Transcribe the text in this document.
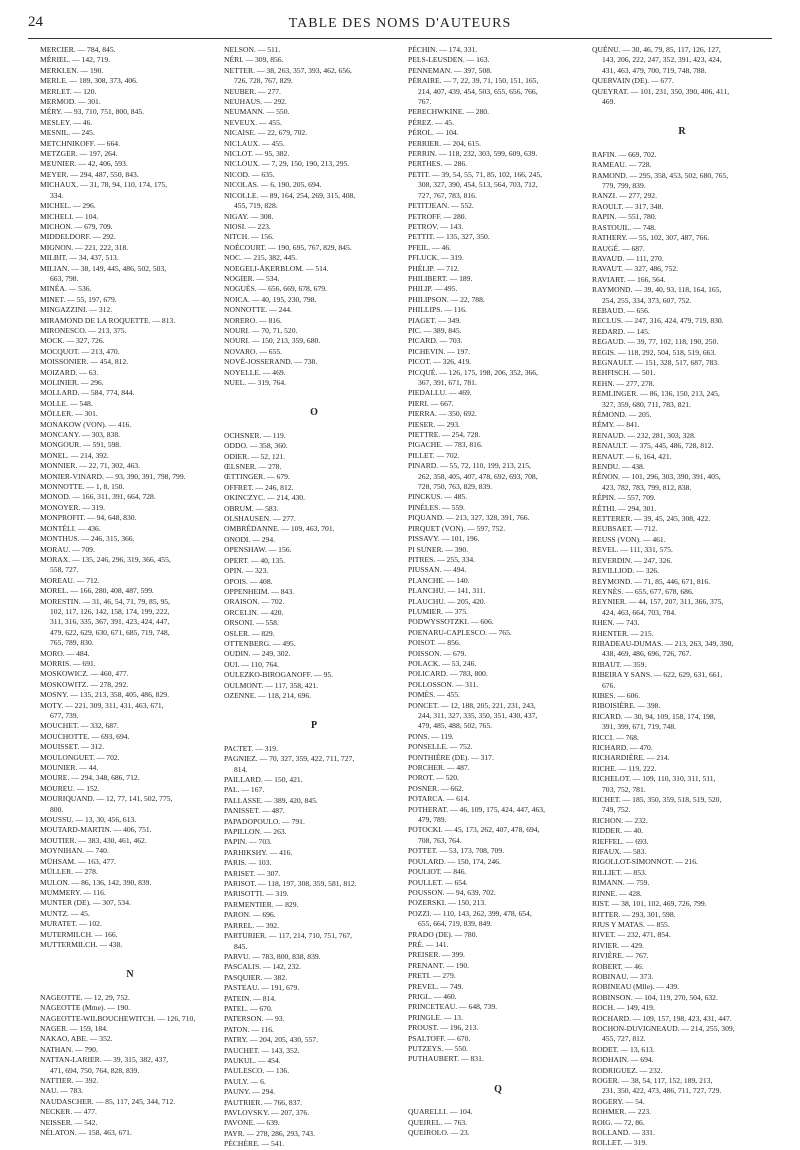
24	TABLE DES NOMS D'AUTEURS
MERCIER. — 784, 845.
MÉRIEL. — 142, 719.
MERKLEN. — 190.
MERLE. — 189, 308, 373, 406.
MERLET. — 120.
MERMOD. — 301.
MÉRY. — 93, 710, 751, 800, 845.
MESLEY. — 46.
MESNIL. — 245.
METCHNIKOFF. — 664.
METZGER. — 197, 264.
MEUNIER. — 42, 406, 593.
MEYER. — 294, 487, 550, 843.
MICHAUX. — 31, 78, 94, 110, 174, 175,
334.
MICHEL. — 296.
MICHELI. — 104.
MICHON. — 679, 709.
MIDDELDORF. — 292.
MIGNON. — 221, 222, 318.
MILBIT. — 34, 437, 513.
MILIAN. — 38, 149, 445, 486, 502, 503,
663, 798.
MINÉA. — 536.
MINET. — 55, 197, 679.
MINGAZZINI. — 312.
MIRAMOND DE LA ROQUETTE. — 813.
MIRONESCO. — 213, 375.
MOCK. — 327, 726.
MOCQUOT. — 213, 470.
MOISSONIER. — 454, 812.
MOIZARD. — 63.
MOLINIER. — 296.
MOLLARD. — 584, 774, 844.
MOLLE. — 548.
MÖLLER. — 301.
MONAKOW (VON). — 416.
MONCANY. — 303, 838.
MONGOUR. — 591, 598.
MONEL. — 214, 392.
MONNIER. — 22, 71, 302, 463.
MONIER-VINARD. — 93, 390, 391, 798, 799.
MONNOTTE. — 1, 8, 150.
MONOD. — 166, 311, 391, 664, 728.
MONOYER. — 319.
MONPROFIT. — 94, 648, 830.
MONTÉLI. — 436.
MONTHUS. — 246, 315, 366.
MORAU. — 709.
MORAX. — 135, 246, 296, 319, 366, 455,
558, 727.
MOREAU. — 712.
MOREL. — 166, 280, 408, 487, 599.
MORESTIN. — 31, 46, 54, 71, 79, 85, 95,
102, 117, 126, 142, 158, 174, 199, 222,
311, 316, 335, 367, 391, 423, 424, 447,
479, 622, 629, 630, 671, 685, 719, 748,
765, 789, 830.
MORO. — 484.
MORRIS. — 691.
MOSKOWICZ. — 460, 477.
MOSKOWITZ. — 278, 292.
MOSNY. — 135, 213, 358, 405, 486, 829.
MOTY. — 221, 309, 311, 431, 463, 671,
677, 739.
MOUCHET. — 332, 687.
MOUCHOTTE. — 693, 694.
MOUISSET. — 312.
MOULONGUET. — 702.
MOUNIER. — 44.
MOURE. — 294, 348, 686, 712.
MOUREU. — 152.
MOURIQUAND. — 12, 77, 141, 502, 775,
800.
MOUSSU. — 13, 30, 456, 613.
MOUTARD-MARTIN. — 406, 751.
MOUTIER. — 383, 430, 461, 462.
MOYNIHAN. — 740.
MÜHSAM. — 163, 477.
MÜLLER. — 278.
MULON. — 86, 136, 142, 390, 839.
MUMMERY. — 116.
MUNTER (DE). — 307, 534.
MUNTZ. — 45.
MURATET. — 102.
MUTERMILCH. — 166.
MUTTERMILCH. — 438.
N
NAGEOTTE. — 12, 29, 752.
NAGEOTTE (Mme). — 190.
NAGEOTTE-WILBOUCHEWITCH. — 126, 710,
NAGER. — 159, 184.
NAKAO, ABE. — 352.
NATHAN. — 790.
NATTAN-LARIER. — 39, 315, 382, 437,
471, 694, 750, 764, 828, 839.
NATTIER. — 392.
NAU. — 783.
NAUDASCHER. — 85, 117, 245, 344, 712.
NECKER. — 477.
NEISSER. — 542.
NÉLATON. — 158, 463, 671.
NELSON. — 511.
NÉRI. — 309, 856.
NETTER. — 38, 263, 357, 393, 462, 656,
726, 728, 767, 829.
NEUBER. — 277.
NEUHAUS. — 292.
NEUMANN. — 550.
NEVEUX. — 455.
NICAISE. — 22, 679, 702.
NICLAUX. — 455.
NICLOT. — 95, 382.
NICLOUX. — 7, 29, 150, 190, 213, 295.
NICOD. — 635.
NICOLAS. — 6, 190, 205, 694.
NICOLLE. — 89, 164, 254, 269, 315, 408,
455, 719, 828.
NIGAY. — 308.
NIOSI. — 223.
NITCH. — 156.
NOÉCOURT. — 190, 695, 767, 829, 845.
NOC. — 215, 382, 445.
NOEGELI-ÅKERBLOM. — 514.
NOGIER. — 534.
NOGUÈS. — 656, 669, 678, 679.
NOICA. — 40, 195, 230, 798.
NONNOTTE. — 244.
NORERO. — 816.
NOURI. — 70, 71, 520.
NOURI. — 150, 213, 359, 680.
NOVARO. — 655.
NOVÉ-JOSSERAND. — 738.
NOYELLE. — 469.
NUEL. — 319, 764.
O
OCHSNER. — 119.
ODDO. — 358, 360.
ODIER. — 52, 121.
ŒLSNER. — 278.
ŒTTINGER. — 679.
OFFRET. — 246, 812.
OKINCZYC. — 214, 430.
OBRUM. — 583.
OLSHAUSEN. — 277.
OMBRÉDANNE. — 109, 463, 701.
ONODI. — 294.
OPENSHAW. — 156.
OPERT. — 40, 135.
OPIN. — 323.
OPOIS. — 408.
OPPENHEIM. — 843.
ORAISON. — 702.
ORCELIN. — 420.
ORSONI. — 558.
OSLER. — 829.
OTTENBERG. — 495.
OUDIN. — 249, 302.
OUI. — 110, 764.
OULEZKO-BIROGANOFF. — 95.
OULMONT. — 117, 358, 421.
OZENNE. — 118, 214, 696.
P
PACTET. — 319.
PAGNIEZ. — 70, 327, 359, 422, 711, 727,
814.
PAILLARD. — 150, 421.
PAL. — 167.
PALLASSE. — 389, 420, 845.
PANISSET. — 487.
PAPADOPOULO. — 791.
PAPILLON. — 263.
PAPIN. — 703.
PARHIKSHY. — 416.
PARIS. — 103.
PARISET. — 307.
PARISOT. — 118, 197, 308, 359, 581, 812.
PARISOTTI. — 319.
PARMENTIER. — 829.
PARON. — 696.
PARREL. — 392.
PARTURIER. — 117, 214, 710, 751, 767,
845.
PARVU. — 783, 800, 838, 839.
PASCALIS. — 142, 232.
PASQUIER. — 382.
PASTEAU. — 191, 679.
PATEIN. — 814.
PATEL. — 670.
PATERSON. — 93.
PATON. — 116.
PATRY. — 204, 205, 430, 557.
PAUCHET. — 143, 352.
PAUKUL. — 454.
PAULESCO. — 136.
PAULY. — 6.
PAUNY. — 294.
PAUTRIER. — 766, 837.
PAVLOVSKY. — 207, 376.
PAVONE. — 639.
PAYR. — 278, 286, 293, 743.
PÉCHÈRE. — 541.
PÉCHIN. — 174, 331.
PELS-LEUSDEN. — 163.
PENNEMAN. — 397, 508.
PÉRAIRE. — 7, 22, 39, 71, 150, 151, 165,
214, 407, 439, 454, 503, 655, 656, 766,
767.
PERECHWKINE. — 280.
PÉREZ. — 45.
PÉROL. — 104.
PERRIER. — 204, 615.
PERRIN. — 118, 232, 303, 599, 609, 639.
PERTHES. — 286.
PETIT. — 39, 54, 55, 71, 85, 102, 166, 245,
308, 327, 390, 454, 513, 564, 703, 712,
727, 767, 783, 816.
PETITJEAN. — 552.
PETROFF. — 280.
PETROV. — 143.
PETTIT. — 135, 327, 350.
PFEIL. — 46.
PFLUCK. — 319.
PHÉLIP. — 712.
PHILIBERT. — 189.
PHILIP. — 495.
PHILIPSON. — 22, 788.
PHILLIPS. — 116.
PIAGET. — 349.
PIC. — 389, 845.
PICARD. — 703.
PICHEVIN. — 197.
PICOT. — 326, 419.
PICQUÉ. — 126, 175, 198, 206, 352, 366,
367, 391, 671, 781.
PIEDALLU. — 469.
PIERI. — 667.
PIERRA. — 350, 692.
PIESER. — 293.
PIETTRE. — 254, 728.
PIGACHE. — 783, 816.
PILLET. — 702.
PINARD. — 55, 72, 110, 199, 213, 215,
262, 358, 405, 407, 478, 692, 693, 708,
728, 750, 763, 829, 839.
PINCKUS. — 485.
PINÉLES. — 559.
PIQUAND. — 213, 327, 328, 391, 766.
PIRQUET (VON). — 597, 752.
PISSAVY. — 101, 196.
PI SUNER. — 390.
PITRES. — 255, 334.
PIUSSAN. — 494.
PLANCHE. — 140.
PLANCHU. — 141, 311.
PLAUCHU. — 205, 420.
PLUMIER. — 375.
PODWYSSOTZKI. — 606.
POENARU-CAPLESCO. — 765.
POISOT. — 856.
POISSON. — 679.
POLACK. — 53, 246.
POLICARD. — 783, 800.
POLLOSSON. — 311.
POMÈS. — 455.
PONCET. — 12, 188, 205, 221, 231, 243,
244, 311, 327, 335, 350, 351, 430, 437,
479, 485, 488, 502, 765.
PONS. — 119.
PONSELLE. — 752.
PONTHIÈRE (DE). — 317.
PORCHER. — 487.
POROT. — 520.
POSNER. — 662.
POTARCA. — 614.
POTHERAT. — 46, 109, 175, 424, 447, 463,
479, 789.
POTOCKI. — 45, 173, 262, 407, 478, 694,
708, 763, 764.
POTTET. — 53, 173, 708, 709.
POULARD. — 150, 174, 246.
POULIOT. — 846.
POULLET. — 654.
POUSSON. — 94, 639, 702.
POZERSKI. — 150, 213.
POZZI. — 110, 143, 262, 399, 478, 654,
655, 664, 719, 839, 849.
PRADO (DE). — 780.
PRÉ. — 141.
PREISER. — 399.
PRENANT. — 190.
PRETI. — 279.
PREVEL. — 749.
PRIGL. — 460.
PRINCETEAU. — 648, 739.
PRINGLE. — 13.
PROUST. — 196, 213.
PSALTOFF. — 670.
PUTZEYS. — 550.
PUTHAUBERT. — 831.
Q
QUARELLI. — 104.
QUEIREL. — 763.
QUEIROLO. — 23.
QUÉNU. — 30, 46, 79, 85, 117, 126, 127,
143, 206, 222, 247, 352, 391, 423, 424,
431, 463, 479, 700, 719, 748, 788.
QUERVAIN (DE). — 677.
QUEYRAT. — 101, 231, 350, 390, 406, 411,
469.
R
RAFIN. — 669, 702.
RAMEAU. — 728.
RAMOND. — 295, 358, 453, 502, 680, 765,
779, 799, 839.
RANZI. — 277, 292.
RAOULT. — 317, 348.
RAPIN. — 551, 780.
RASTOUIL. — 748.
RATHERY. — 55, 102, 307, 487, 766.
RAUGÉ. — 687.
RAVAUD. — 111, 270.
RAVAUT. — 327, 486, 752.
RAVIART. — 166, 564.
RAYMOND. — 39, 40, 93, 118, 164, 165,
254, 255, 334, 373, 607, 752.
REBAUD. — 656.
RECLUS. — 247, 316, 424, 479, 719, 830.
REDARD. — 145.
REGAUD. — 39, 77, 102, 118, 190, 250.
REGIS. — 118, 292, 504, 518, 519, 663.
REGNAULT. — 151, 328, 517, 687, 783.
REHFISCH. — 501.
REHN. — 277, 278.
REMLINGER. — 86, 136, 150, 213, 245,
327, 359, 680, 711, 783, 821.
RÉMOND. — 205.
RÉMY. — 841.
RENAUD. — 232, 281, 303, 328.
RENAULT. — 375, 445, 486, 728, 812.
RENAUT. — 6, 164, 421.
RENDU. — 438.
RÉNON. — 101, 296, 303, 390, 391, 405,
423, 782, 783, 799, 812, 838.
RÉPIN. — 557, 709.
RÉTHI. — 294, 301.
RETTERER. — 39, 45, 245, 308, 422.
REUBSAET. — 712.
REUSS (VON). — 461.
REVEL. — 111, 331, 575.
REVERDIN. — 247, 326.
REVILLIOD. — 326.
REYMOND. — 71, 85, 446, 671, 816.
REYNÈS. — 655, 677, 678, 686.
REYNIER. — 44, 157, 207, 311, 366, 375,
424, 463, 664, 703, 784.
RHEN. — 743.
RHENTER. — 215.
RIBADEAU-DUMAS. — 213, 263, 349, 390,
438, 469, 486, 696, 726, 767.
RIBAUT. — 359.
RIBEIRA Y SANS. — 622, 629, 631, 661,
676.
RIBES. — 606.
RIBOISIÈRE. — 398.
RICARD. — 30, 94, 109, 158, 174, 198,
391, 399, 671, 719, 748.
RICCI. — 768.
RICHARD. — 470.
RICHARDIÈRE. — 214.
RICHE. — 119, 222.
RICHELOT. — 109, 110, 310, 311, 511,
703, 752, 781.
RICHET. — 185, 350, 359, 518, 519, 520,
749, 752.
RICHON. — 232.
RIDDER. — 40.
RIEFFEL. — 693.
RIFAUX. — 583.
RIGOLLOT-SIMONNOT. — 216.
RILLIET. — 853.
RIMANN. — 759.
RINNE. — 428.
RIST. — 38, 101, 102, 469, 726, 799.
RITTER. — 293, 301, 598.
RIUS Y MATAS. — 855.
RIVET. — 232, 471, 854.
RIVIER. — 429.
RIVIÈRE. — 767.
ROBERT. — 46.
ROBINAU. — 373.
ROBINEAU (Mlle). — 439.
ROBINSON. — 104, 119, 270, 504, 632.
ROCH. — 149, 419.
ROCHARD. — 109, 157, 198, 423, 431, 447.
ROCHON-DUVIGNEAUD. — 214, 255, 309,
455, 727, 812.
RODET. — 13, 613.
RODHAIN. — 694.
RODRIGUEZ. — 232.
ROGER. — 38, 54, 117, 152, 189, 213,
231, 350, 422, 473, 486, 711, 727, 729.
ROGERY. — 54.
ROHMER. — 223.
ROIG. — 72, 86.
ROLLAND. — 331.
ROLLET. — 319.
